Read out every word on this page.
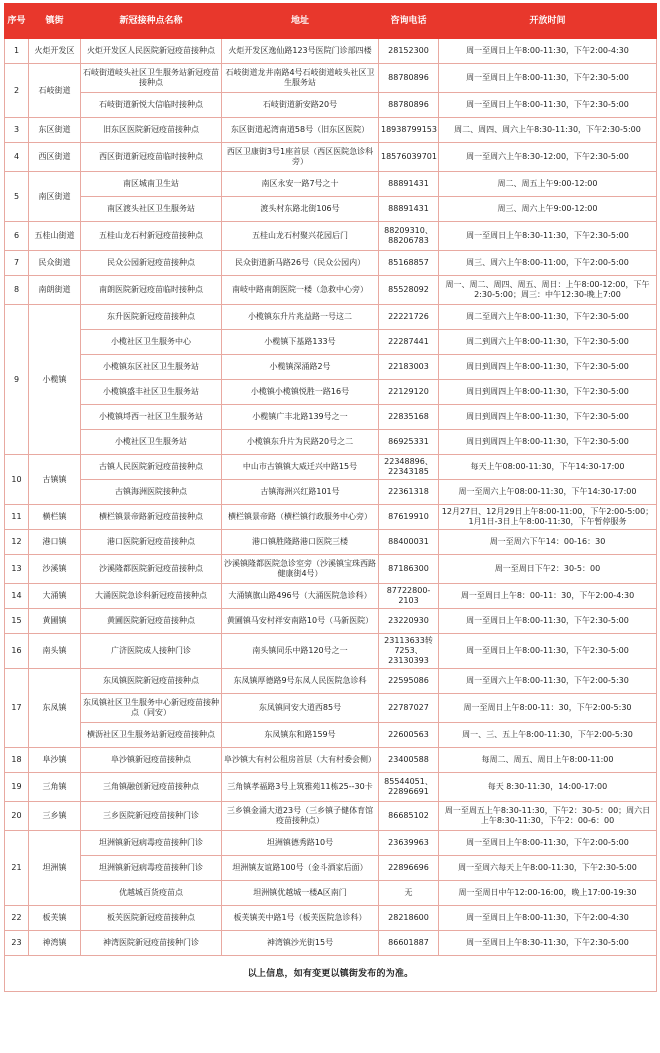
序号	镇街	新冠接种点名称	地址	咨询电话	开放时间
1	火炬开发区	火炬开发区人民医院新冠疫苗接种点	火炬开发区逸仙路123号医院门诊部四楼	28152300	周一至周日上午8:00-11:30，下午2:00-4:30
2	石岐街道	石岐街道岐头社区卫生服务站新冠疫苗接种点	石岐街道龙井南路4号石岐街道岐头社区卫生服务站	88780896	周一至周日上午8:00-11:30，下午2:30-5:00
		石岐街道新悦大信临时接种点	石岐街道新安路20号	88780896	周一至周日上午8:00-11:30，下午2:30-5:00
3	东区街道	旧东区医院新冠疫苗接种点	东区街道起湾南道58号（旧东区医院）	18938799153	周二、周四、周六上午8:30-11:30，下午2:30-5:00
4	西区街道	西区街道新冠疫苗临时接种点	西区卫康街3号1座首层（西区医院急诊科旁）	18576039701	周一至周六上午8:30-12:00，下午2:30-5:00
5	南区街道	南区城南卫生站	南区永安一路7号之十	88891431	周二、周五上午9:00-12:00
		南区渡头社区卫生服务站	渡头村东路北街106号	88891431	周三、周六上午9:00-12:00
6	五桂山街道	五桂山龙石村新冠疫苗接种点	五桂山龙石村聚兴花园后门	88209310、88206783	周一至周日上午8:30-11:30，下午2:30-5:00
7	民众街道	民众公园新冠疫苗接种点	民众街道新马路26号（民众公园内）	85168857	周三、周六上午8:00-11:00，下午2:00-5:00
8	南朗街道	南朗医院新冠疫苗临时接种点	南岐中路南朗医院一楼（急救中心旁）	85528092	周一、周二、周四、周五、周日：上午8:00-12:00，下午2:30-5:00；周三：中午12:30-晚上7:00
9	小榄镇	东升医院新冠疫苗接种点	小榄镇东升片兆益路一号这二	22221726	周二至周六上午8:00-11:30，下午2:30-5:00
		小榄社区卫生服务中心	小榄镇下基路133号	22287441	周二到周六上午8:00-11:30，下午2:30-5:00
		小榄镇东区社区卫生服务站	小榄镇深涌路2号	22183003	周日到周四上午8:00-11:30，下午2:30-5:00
		小榄镇盛丰社区卫生服务站	小榄镇小榄镇悦胜一路16号	22129120	周日到周四上午8:00-11:30，下午2:30-5:00
		小榄镇埒西一社区卫生服务站	小榄镇广丰北路139号之一	22835168	周日到周四上午8:00-11:30，下午2:30-5:00
		小榄社区卫生服务站	小榄镇东升片为民路20号之二	86925331	周日到周四上午8:00-11:30，下午2:30-5:00
10	古镇镇	古镇人民医院新冠疫苗接种点	中山市古镇镇大威迁兴中路15号	22348896、22343185	每天上午08:00-11:30，下午14:30-17:00
		古镇海洲医院接种点	古镇海洲兴红路101号	22361318	周一至周六上午08:00-11:30，下午14:30-17:00
11	横栏镇	横栏镇景帝路新冠疫苗接种点	横栏镇景帝路（横栏镇行政服务中心旁）	87619910	12月27日、12月29日上午8:00-11:00，下午2:00-5:00；1月1日-3日上午8:00-11:30，下午暂停服务
12	港口镇	港口医院新冠疫苗接种点	港口镇胜隆路港口医院三楼	88400031	周一至周六下午14：00-16：30
13	沙溪镇	沙溪隆都医院新冠疫苗接种点	沙溪镇隆都医院急诊室旁（沙溪镇宝珠西路健康街4号）	87186300	周一至周日下午2：30-5：00
14	大涌镇	大涌医院急诊科新冠疫苗接种点	大涌镇旗山路496号（大涌医院急诊科）	87722800-2103	周一至周日上午8：00-11：30，下午2:00-4:30
15	黄圃镇	黄圃医院新冠疫苗接种点	黄圃镇马安村祥安南路10号（马新医院）	23220930	周一至周日上午8:00-11:30，下午2:30-5:00
16	南头镇	广济医院成人接种门诊	南头镇同乐中路120号之一	23113633转7253、23130393	周一至周日上午8:00-11:30，下午2:30-5:00
17	东凤镇	东凤镇医院新冠疫苗接种点	东凤镇厚德路9号东凤人民医院急诊科	22595086	周一至周六上午8:00-11:30，下午2:00-5:30
		东凤镇社区卫生服务中心新冠疫苗接种点（同安）	东凤镇同安大道西85号	22787027	周一至周日上午8:00-11：30，下午2:00-5:30
		横沥社区卫生服务站新冠疫苗接种点	东凤镇东和路159号	22600563	周一、三、五上午8:00-11:30，下午2:00-5:30
18	阜沙镇	阜沙镇新冠疫苗接种点	阜沙镇大有村公租房首层（大有村委会侧）	23400588	每周二、周五、周日上午8:00-11:00
19	三角镇	三角镇融创新冠疫苗接种点	三角镇孝福路3号上筑雅苑11栋25--30卡	85544051、22896691	每天 8:30-11:30，14:00-17:00
20	三乡镇	三乡医院新冠疫苗接种门诊	三乡镇金涌大道23号（三乡镇子健体育馆疫苗接种点）	86685102	周一至周五上午8:30-11:30，下午2：30-5：00；周六日上午8:30-11:30，下午2：00-6：00
21	坦洲镇	坦洲镇新冠病毒疫苗接种门诊	坦洲镇德秀路10号	23639963	周一至周日上午8:00-11:30，下午2:00-5:00
		坦洲镇新冠病毒疫苗接种门诊	坦洲镇友谊路100号（金斗酒家后面）	22896696	周一至周六每天上午8:00-11:30，下午2:30-5:00
		优越城百货疫苗点	坦洲镇优越城一楼A区南门	无	周一至周日中午12:00-16:00，晚上17:00-19:30
22	板芙镇	板芙医院新冠疫苗接种点	板芙镇芙中路1号（板芙医院急诊科）	28218600	周一至周日上午8:00-11:30，下午2:00-4:30
23	神湾镇	神湾医院新冠疫苗接种门诊	神湾镇沙光街15号	86601887	周一至周日上午8:30-11:30，下午2:30-5:00
以上信息，如有变更以镇街发布的为准。					
